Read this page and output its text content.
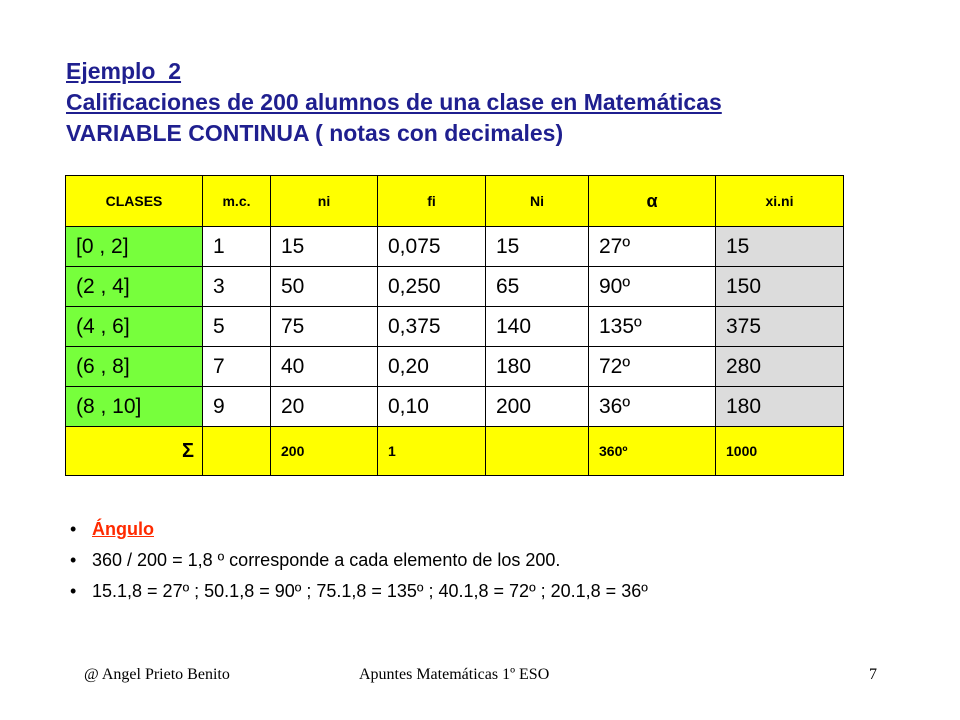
Ejemplo_2
Calificaciones de 200 alumnos de una clase en Matemáticas
VARIABLE CONTINUA ( notas con decimales)
CLASES	m.c.	ni	fi	Ni	α	xi.ni
[0 , 2]	1	15	0,075	15	27º	15
(2 , 4]	3	50	0,250	65	90º	150
(4 , 6]	5	75	0,375	140	135º	375
(6 , 8]	7	40	0,20	180	72º	280
(8 , 10]	9	20	0,10	200	36º	180
Σ		200	1		360º	1000
• Ángulo
• 360 / 200 = 1,8 º corresponde a cada elemento de los 200.
• 15.1,8 = 27º ; 50.1,8 = 90º ; 75.1,8 = 135º ; 40.1,8 = 72º ; 20.1,8 = 36º
@ Angel Prieto Benito	Apuntes Matemáticas 1º ESO	7
